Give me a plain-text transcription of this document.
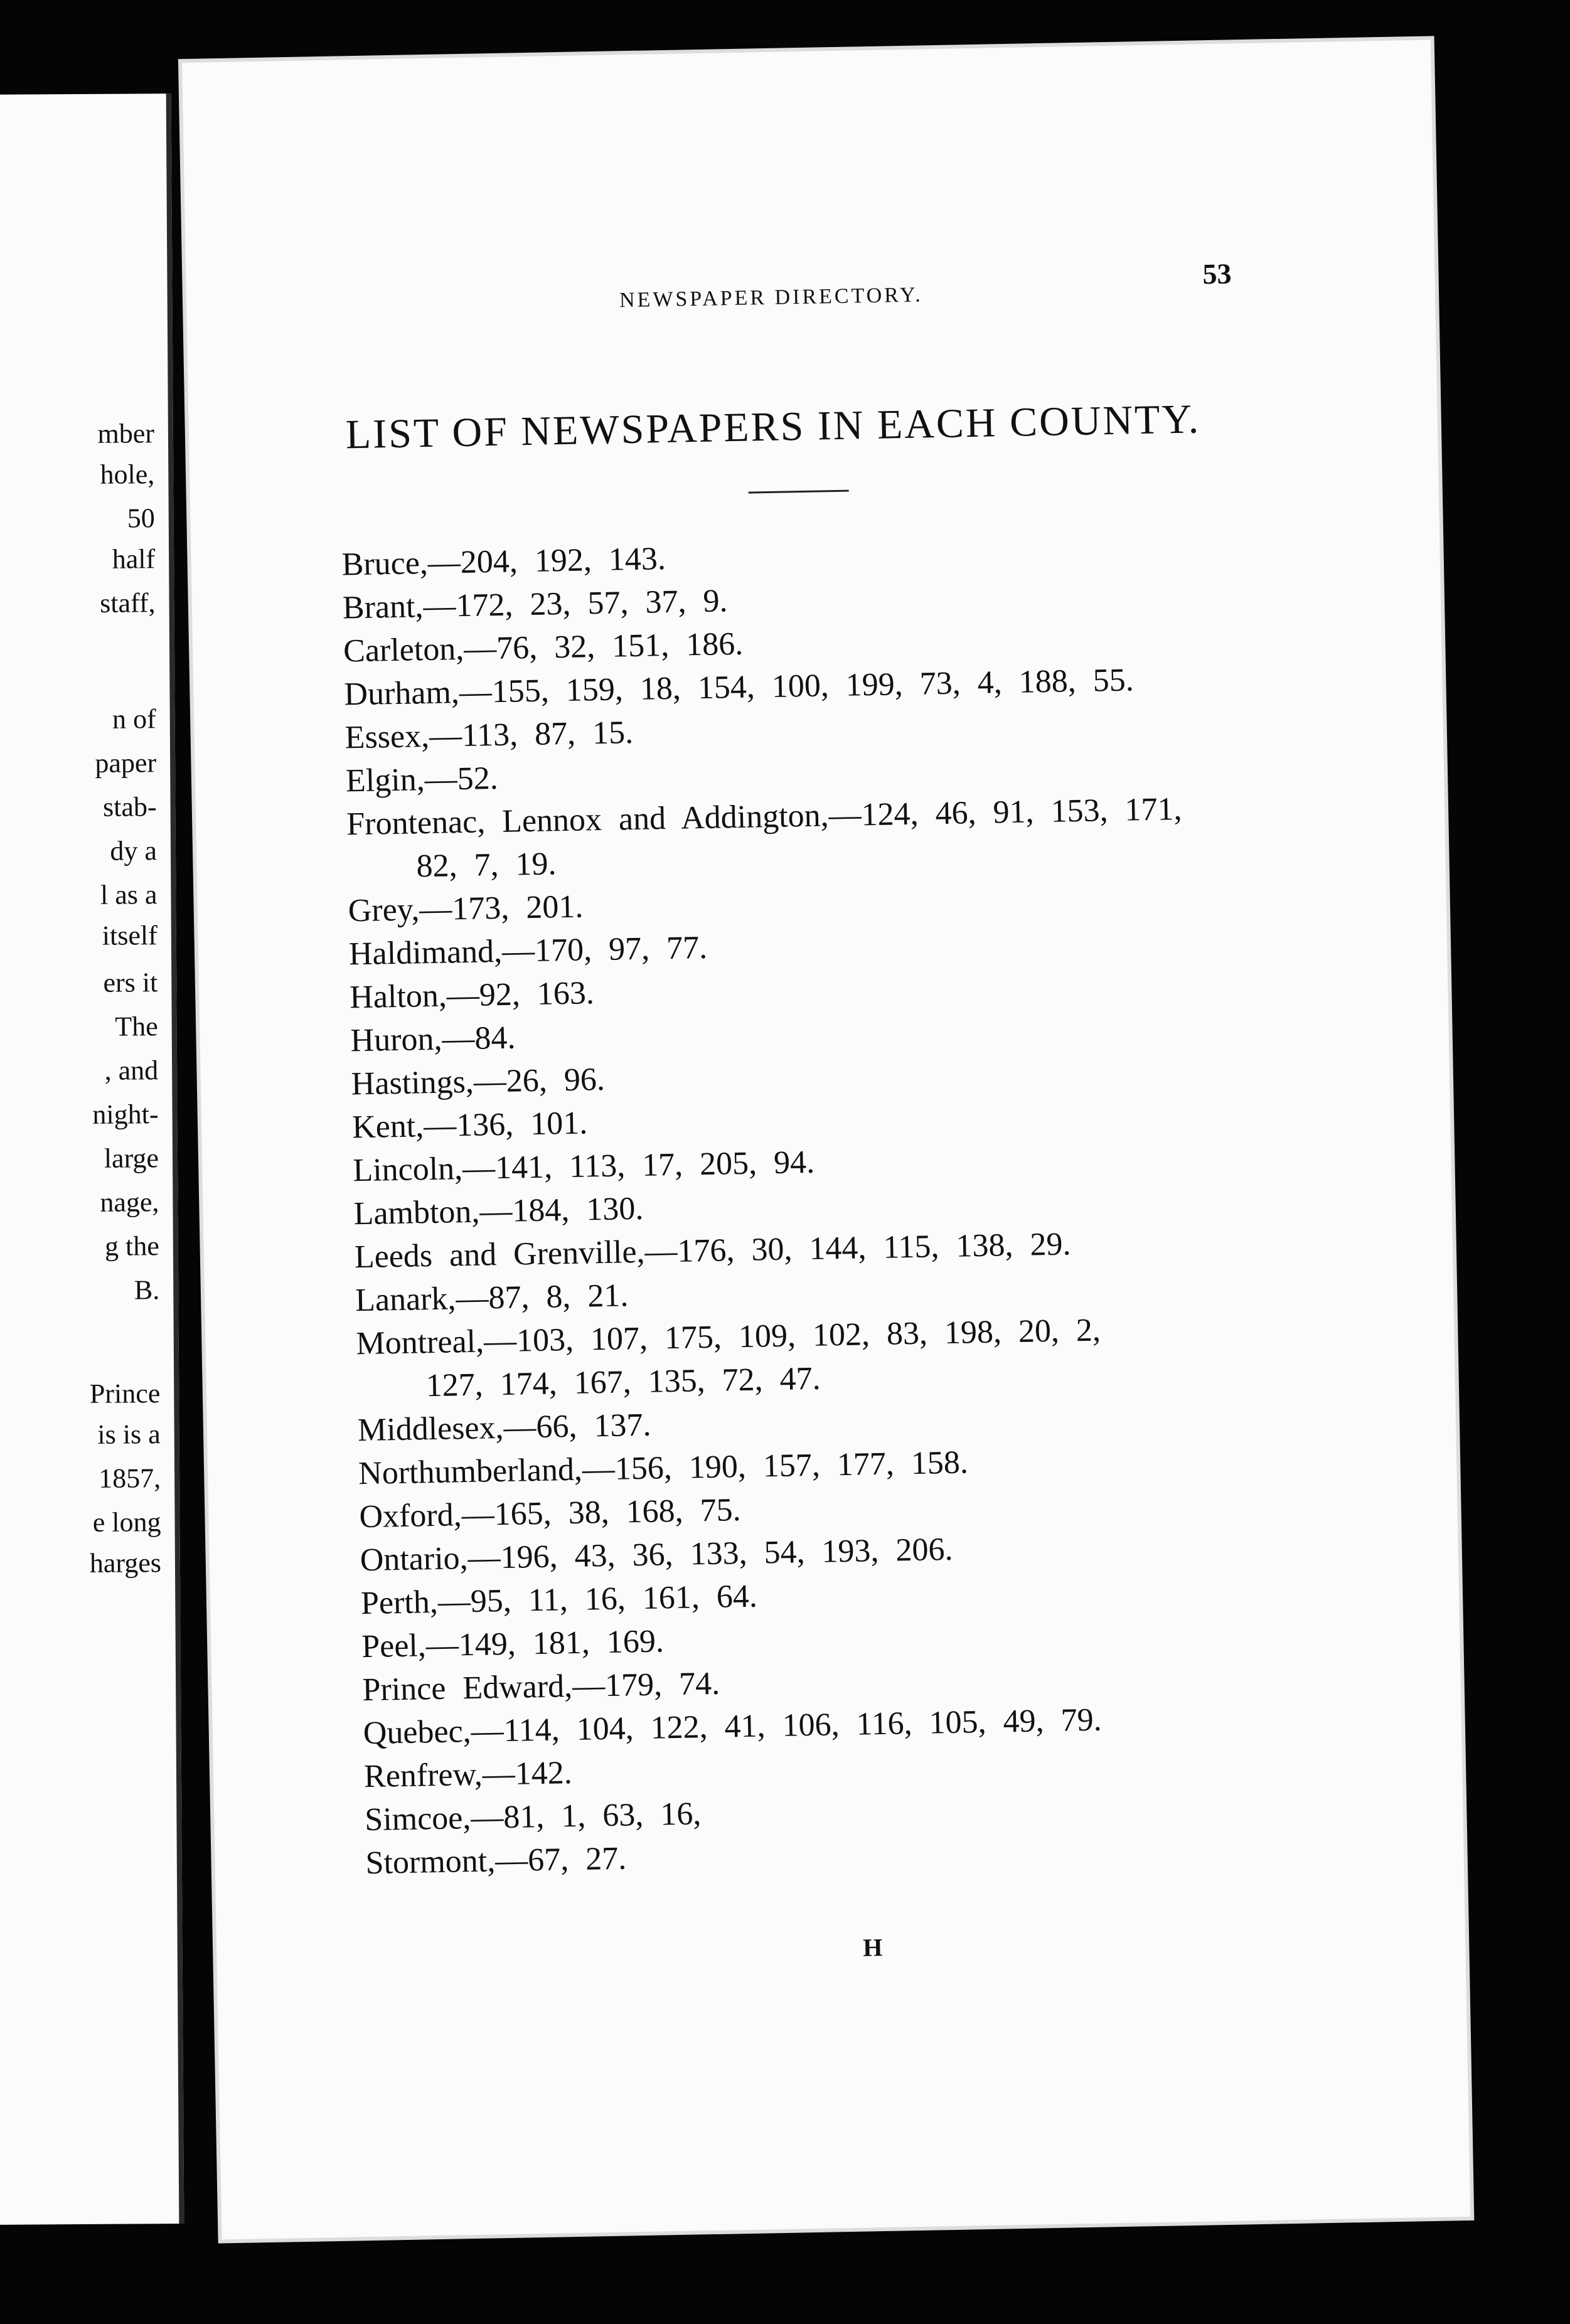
mber
hole,
50
half
staff,
n of
paper
stab-
dy a
l as a
itself
ers it
The
, and
night-
large
nage,
g the
B.
Prince
is is a
1857,
e long
harges
NEWSPAPER DIRECTORY.
53
LIST OF NEWSPAPERS IN EACH COUNTY.
Bruce,—204, 192, 143.
Brant,—172, 23, 57, 37, 9.
Carleton,—76, 32, 151, 186.
Durham,—155, 159, 18, 154, 100, 199, 73, 4, 188, 55.
Essex,—113, 87, 15.
Elgin,—52.
Frontenac, Lennox and Addington,—124, 46, 91, 153, 171,
82, 7, 19.
Grey,—173, 201.
Haldimand,—170, 97, 77.
Halton,—92, 163.
Huron,—84.
Hastings,—26, 96.
Kent,—136, 101.
Lincoln,—141, 113, 17, 205, 94.
Lambton,—184, 130.
Leeds and Grenville,—176, 30, 144, 115, 138, 29.
Lanark,—87, 8, 21.
Montreal,—103, 107, 175, 109, 102, 83, 198, 20, 2,
127, 174, 167, 135, 72, 47.
Middlesex,—66, 137.
Northumberland,—156, 190, 157, 177, 158.
Oxford,—165, 38, 168, 75.
Ontario,—196, 43, 36, 133, 54, 193, 206.
Perth,—95, 11, 16, 161, 64.
Peel,—149, 181, 169.
Prince Edward,—179, 74.
Quebec,—114, 104, 122, 41, 106, 116, 105, 49, 79.
Renfrew,—142.
Simcoe,—81, 1, 63, 16,
Stormont,—67, 27.
H
